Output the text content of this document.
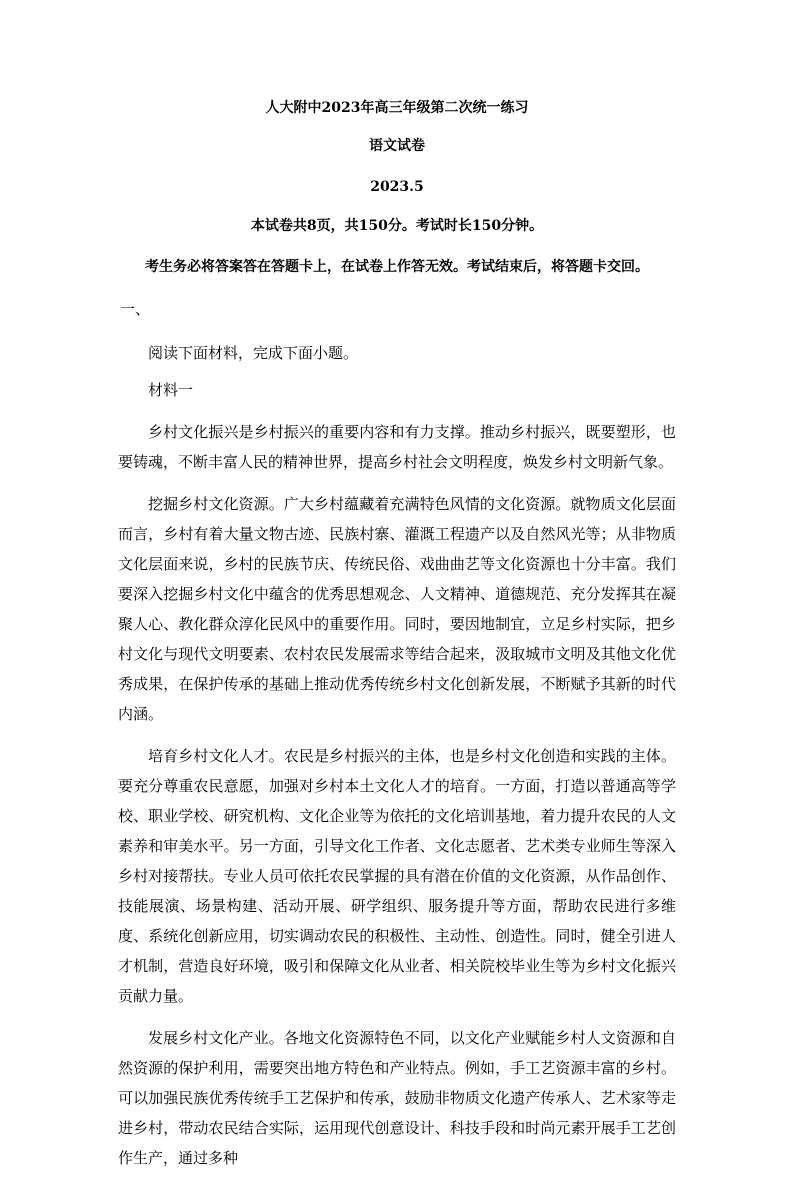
人大附中2023年高三年级第二次统一练习
语文试卷
2023.5
本试卷共8页，共150分。考试时长150分钟。
考生务必将答案答在答题卡上，在试卷上作答无效。考试结束后，将答题卡交回。
一、

阅读下面材料，完成下面小题。

材料一

乡村文化振兴是乡村振兴的重要内容和有力支撑。推动乡村振兴，既要塑形，也要铸魂，不断丰富人民的精神世界，提高乡村社会文明程度，焕发乡村文明新气象。

挖掘乡村文化资源。广大乡村蕴藏着充满特色风情的文化资源。就物质文化层面而言，乡村有着大量文物古迹、民族村寨、灌溉工程遗产以及自然风光等；从非物质文化层面来说，乡村的民族节庆、传统民俗、戏曲曲艺等文化资源也十分丰富。我们要深入挖掘乡村文化中蕴含的优秀思想观念、人文精神、道德规范、充分发挥其在凝聚人心、教化群众淳化民风中的重要作用。同时，要因地制宜，立足乡村实际，把乡村文化与现代文明要素、农村农民发展需求等结合起来，汲取城市文明及其他文化优秀成果，在保护传承的基础上推动优秀传统乡村文化创新发展，不断赋予其新的时代内涵。

培育乡村文化人才。农民是乡村振兴的主体，也是乡村文化创造和实践的主体。要充分尊重农民意愿，加强对乡村本土文化人才的培育。一方面，打造以普通高等学校、职业学校、研究机构、文化企业等为依托的文化培训基地，着力提升农民的人文素养和审美水平。另一方面，引导文化工作者、文化志愿者、艺术类专业师生等深入乡村对接帮扶。专业人员可依托农民掌握的具有潜在价值的文化资源，从作品创作、技能展演、场景构建、活动开展、研学组织、服务提升等方面，帮助农民进行多维度、系统化创新应用，切实调动农民的积极性、主动性、创造性。同时，健全引进人才机制，营造良好环境，吸引和保障文化从业者、相关院校毕业生等为乡村文化振兴贡献力量。

发展乡村文化产业。各地文化资源特色不同，以文化产业赋能乡村人文资源和自然资源的保护利用，需要突出地方特色和产业特点。例如，手工艺资源丰富的乡村。可以加强民族优秀传统手工艺保护和传承，鼓励非物质文化遗产传承人、艺术家等走进乡村，带动农民结合实际，运用现代创意设计、科技手段和时尚元素开展手工艺创作生产，通过多种
